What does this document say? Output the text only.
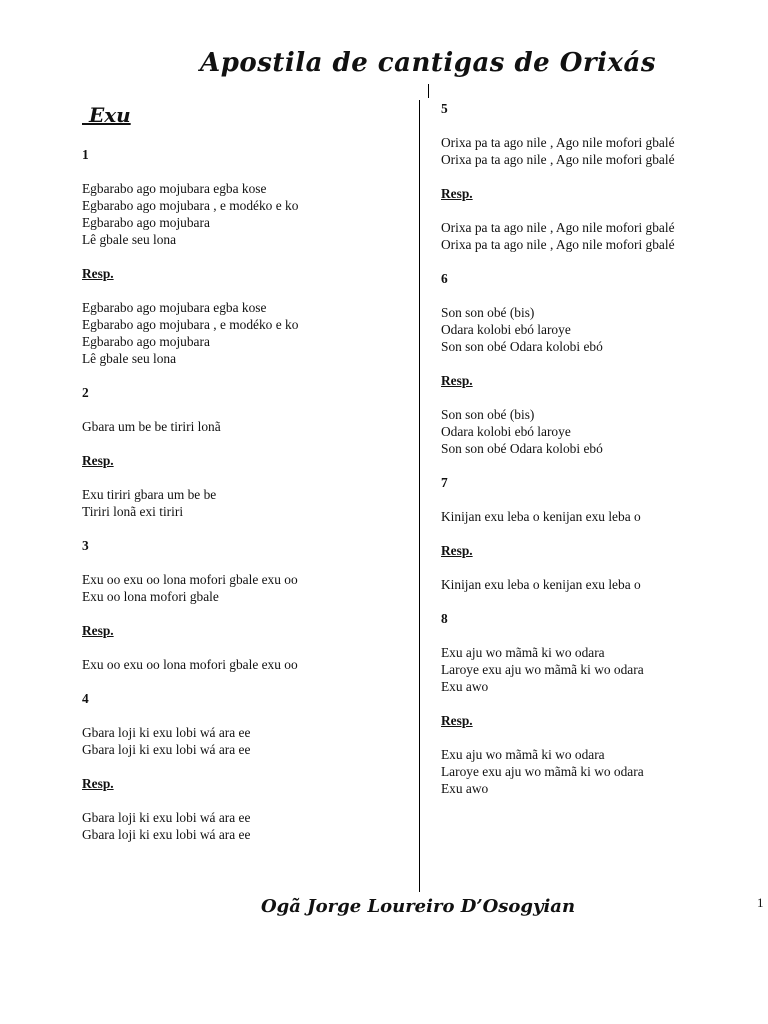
Apostila de cantigas de Orixás
Exu
1
Egbarabo ago mojubara egba kose
Egbarabo ago mojubara , e modéko e ko
Egbarabo ago mojubara
Lê gbale seu lona
Resp.
Egbarabo ago mojubara egba kose
Egbarabo ago mojubara , e modéko e ko
Egbarabo ago mojubara
Lê gbale seu lona
2
Gbara um be be tiriri lonã
Resp.
Exu tiriri gbara um be be
Tiriri lonã exi tiriri
3
Exu oo exu oo lona mofori gbale exu oo
Exu oo lona mofori gbale
Resp.
Exu oo exu oo lona mofori gbale exu oo
4
Gbara loji ki exu lobi wá ara ee
Gbara loji ki exu lobi wá ara ee
Resp.
Gbara loji ki exu lobi wá ara ee
Gbara loji ki exu lobi wá ara ee
5
Orixa pa ta ago nile , Ago nile mofori gbalé
Orixa pa ta ago nile , Ago nile mofori gbalé
Resp.
Orixa pa ta ago nile , Ago nile mofori gbalé
Orixa pa ta ago nile , Ago nile mofori gbalé
6
Son son obé (bis)
Odara kolobi ebó laroye
Son son obé Odara kolobi ebó
Resp.
Son son obé (bis)
Odara kolobi ebó laroye
Son son obé Odara kolobi ebó
7
Kinijan exu leba o kenijan exu leba o
Resp.
Kinijan exu leba o kenijan exu leba o
8
Exu aju wo mãmã ki wo odara
Laroye exu aju wo mãmã ki wo odara
Exu awo
Resp.
Exu aju wo mãmã ki wo odara
Laroye exu aju wo mãmã ki wo odara
Exu awo
Ogã Jorge Loureiro D’Osogyian	1
